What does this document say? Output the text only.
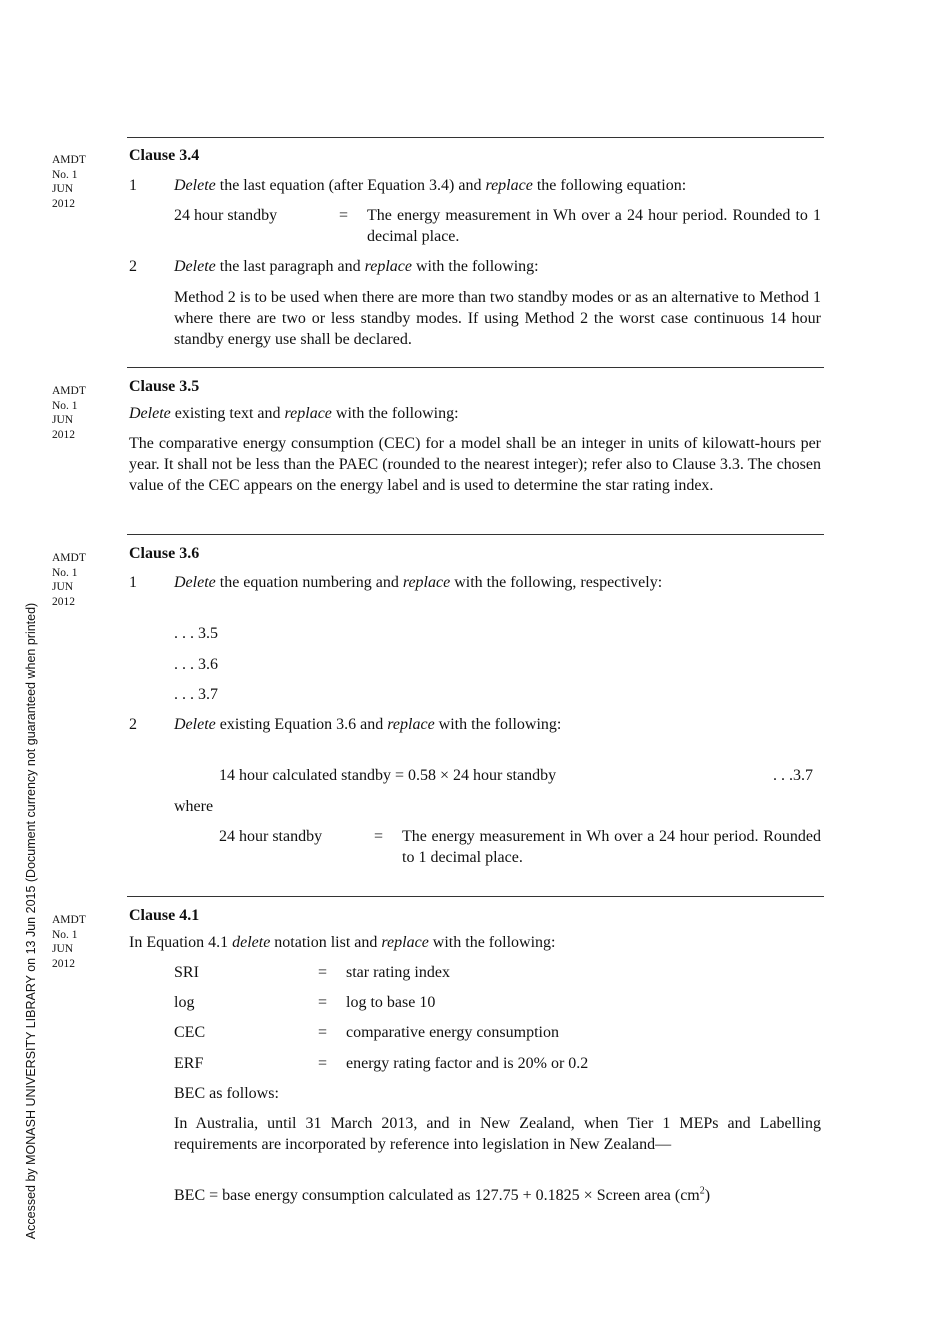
Accessed by MONASH UNIVERSITY LIBRARY on 13 Jun 2015 (Document currency not guaranteed when printed)
AMDT
No. 1
JUN
2012
Clause 3.4
1 Delete the last equation (after Equation 3.4) and replace the following equation:
24 hour standby	= The energy measurement in Wh over a 24 hour period. Rounded to 1 decimal place.
2 Delete the last paragraph and replace with the following:
Method 2 is to be used when there are more than two standby modes or as an alternative to Method 1 where there are two or less standby modes. If using Method 2 the worst case continuous 14 hour standby energy use shall be declared.
AMDT
No. 1
JUN
2012
Clause 3.5
Delete existing text and replace with the following:
The comparative energy consumption (CEC) for a model shall be an integer in units of kilowatt-hours per year. It shall not be less than the PAEC (rounded to the nearest integer); refer also to Clause 3.3. The chosen value of the CEC appears on the energy label and is used to determine the star rating index.
AMDT
No. 1
JUN
2012
Clause 3.6
1 Delete the equation numbering and replace with the following, respectively:
. . . 3.5
. . . 3.6
. . . 3.7
2 Delete existing Equation 3.6 and replace with the following:
14 hour calculated standby = 0.58 × 24 hour standby	. . .3.7
where
24 hour standby	= The energy measurement in Wh over a 24 hour period. Rounded to 1 decimal place.
AMDT
No. 1
JUN
2012
Clause 4.1
In Equation 4.1 delete notation list and replace with the following:
SRI	= star rating index
log	= log to base 10
CEC	= comparative energy consumption
ERF	= energy rating factor and is 20% or 0.2
BEC as follows:
In Australia, until 31 March 2013, and in New Zealand, when Tier 1 MEPs and Labelling requirements are incorporated by reference into legislation in New Zealand—
BEC = base energy consumption calculated as 127.75 + 0.1825 × Screen area $(cm^2)$
